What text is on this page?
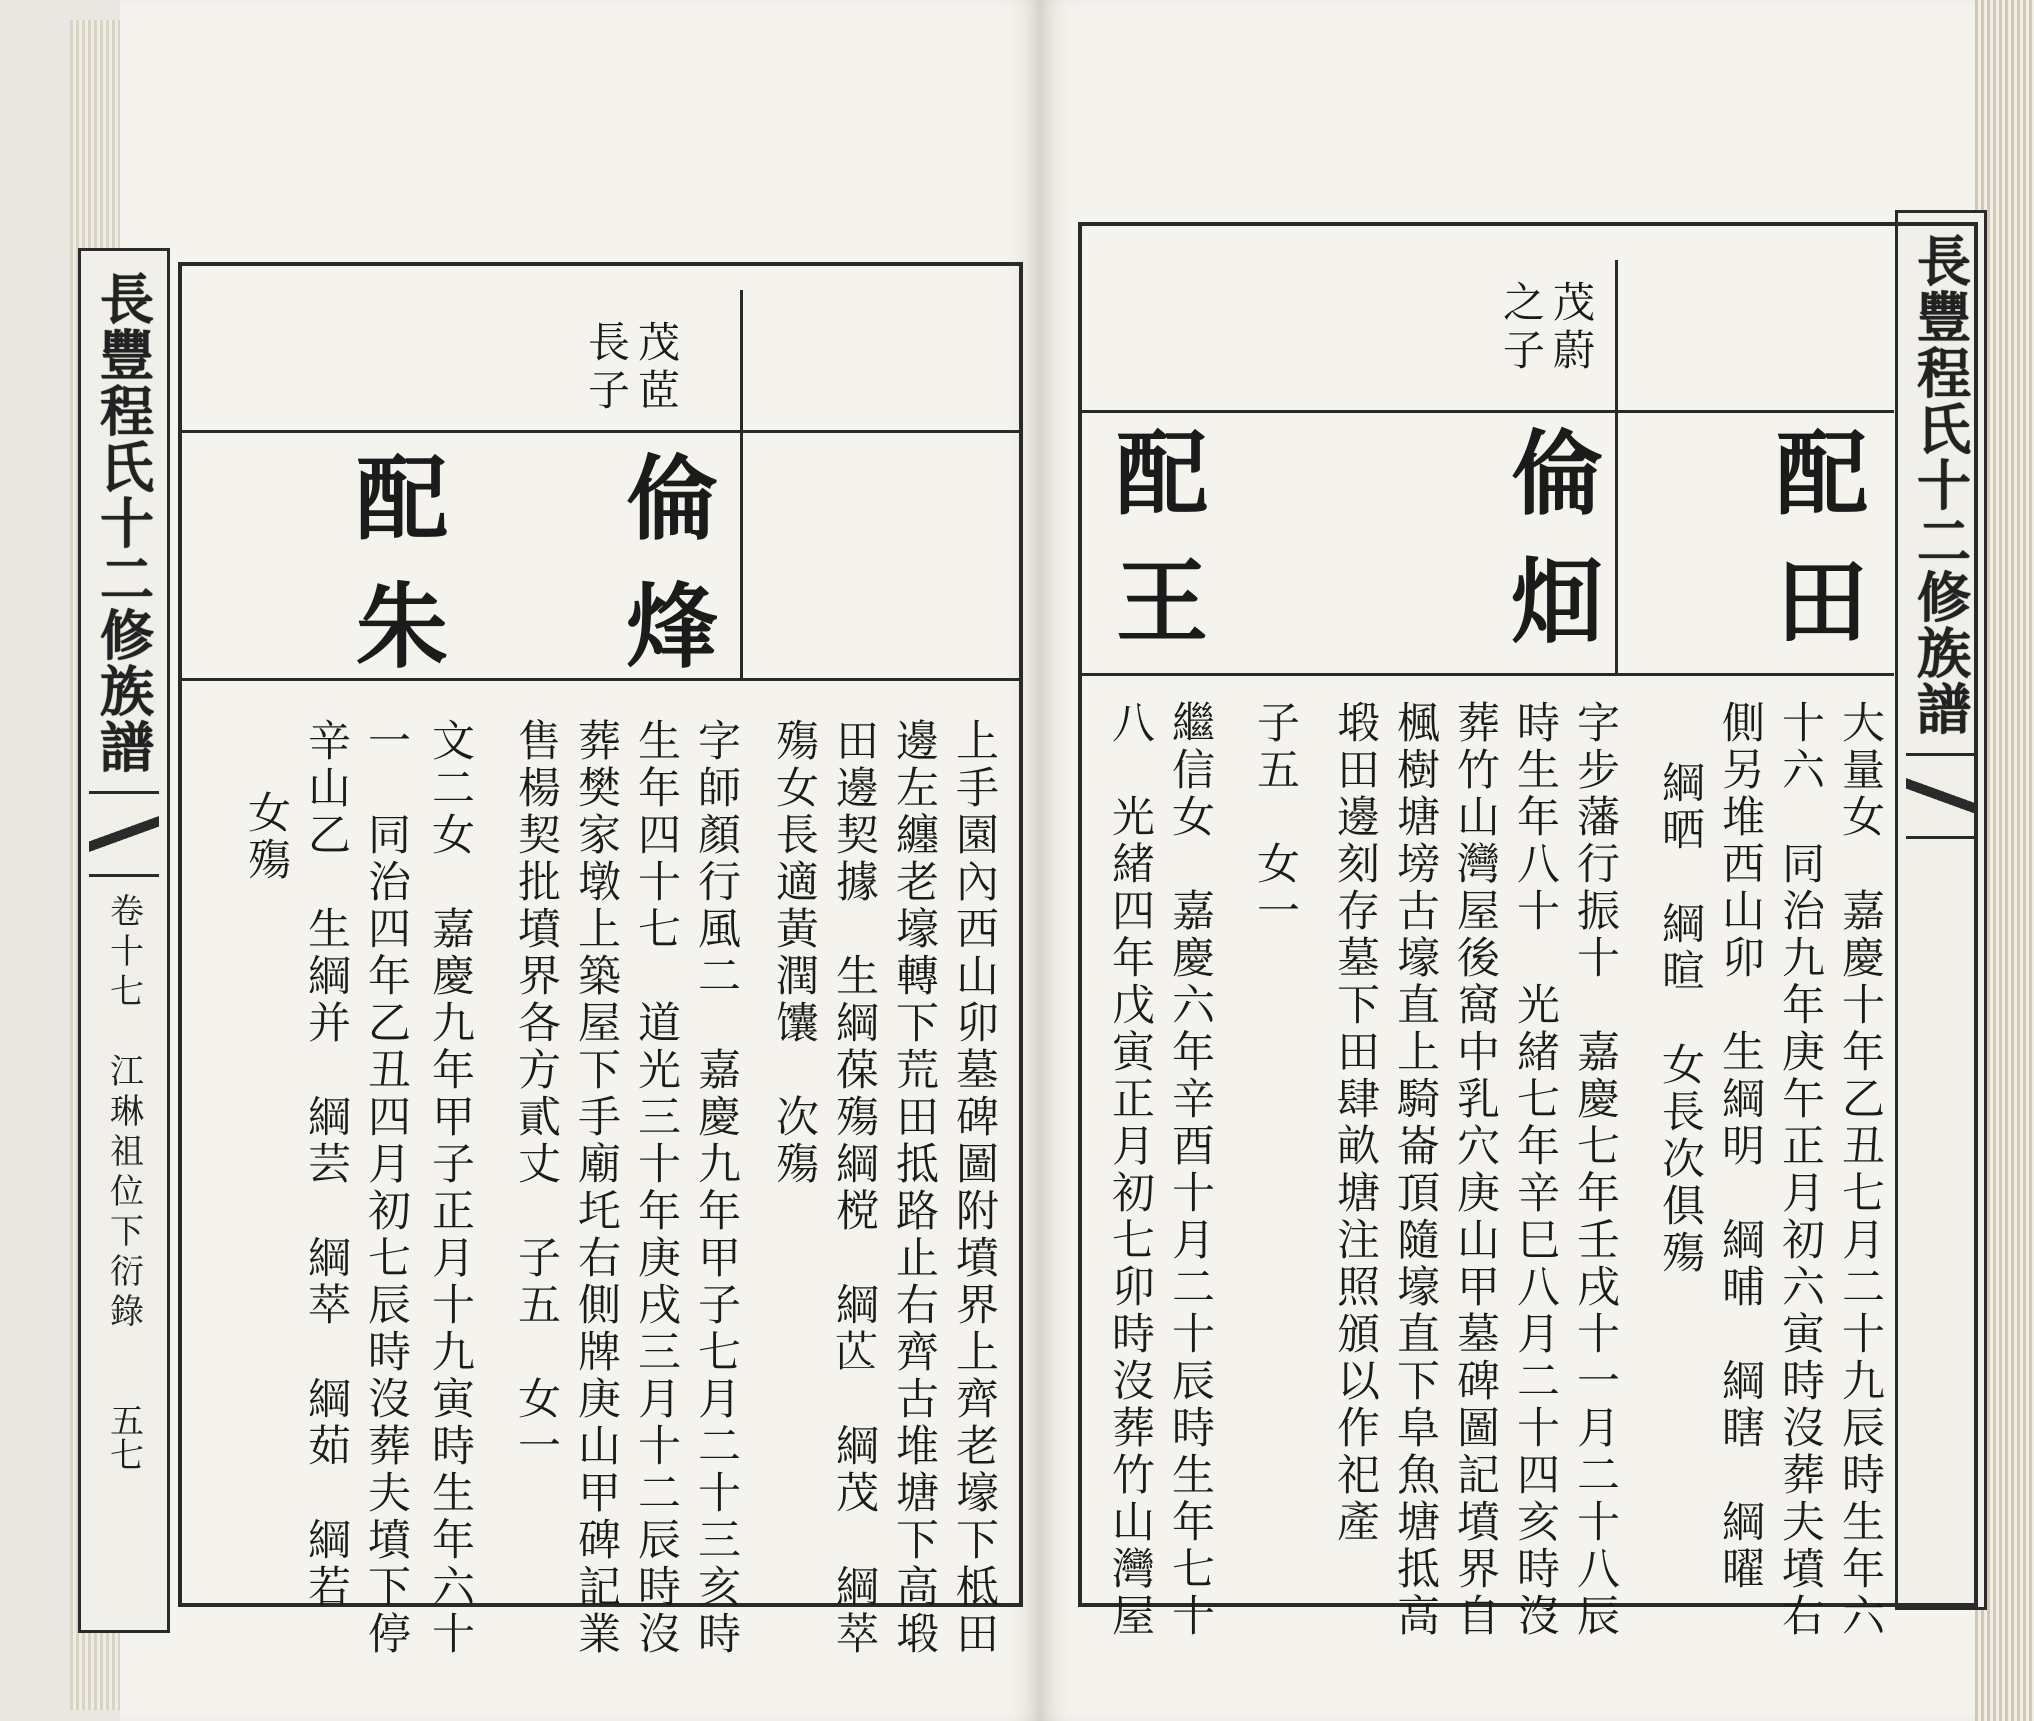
長豐程氏十二修族譜
卷十七
江琳祖位下衍錄
五七
長豐程氏十二修族譜
茂茝
長子
倫烽
配朱
上手園內西山卯墓碑圖附墳界上齊老壕下柢田
邊左纏老壕轉下荒田抵路止右齊古堆塘下高塅
田邊契據　生綱葆殤綱𣗋　綱𦬆　綱茂　綱萃
殤女長適黃潤馕　次殤
字師顏行風二　嘉慶九年甲子七月二十三亥時
生年四十七　道光三十年庚戌三月十二辰時沒
葬樊家墩上築屋下手廟圫右側牌庚山甲碑記業
售楊契批墳界各方貳丈　子五　女一
文二女　嘉慶九年甲子正月十九寅時生年六十
一　同治四年乙丑四月初七辰時沒葬夫墳下停
辛山乙　生綱并　綱芸　綱萃　綱茹　綱若
女殤
茂蔚
之子
倫𤇆 配田
配王
大量女　嘉慶十年乙丑七月二十九辰時生年六
十六　同治九年庚午正月初六寅時沒葬夫墳右
側另堆西山卯　生綱明　綱晡　綱瞎　綱曜
綱晒　綱暄　女長次俱殤
字步藩行振十　嘉慶七年壬戌十一月二十八辰
時生年八十　光緒七年辛巳八月二十四亥時沒
葬竹山灣屋後窩中乳穴庚山甲墓碑圖記墳界自
楓樹塘塝古壕直上騎崙頂隨壕直下阜魚塘抵高
塅田邊刻存墓下田肆畝塘注照頒以作祀產
子五　女一
繼信女　嘉慶六年辛酉十月二十辰時生年七十
八　光緒四年戊寅正月初七卯時沒葬竹山灣屋
